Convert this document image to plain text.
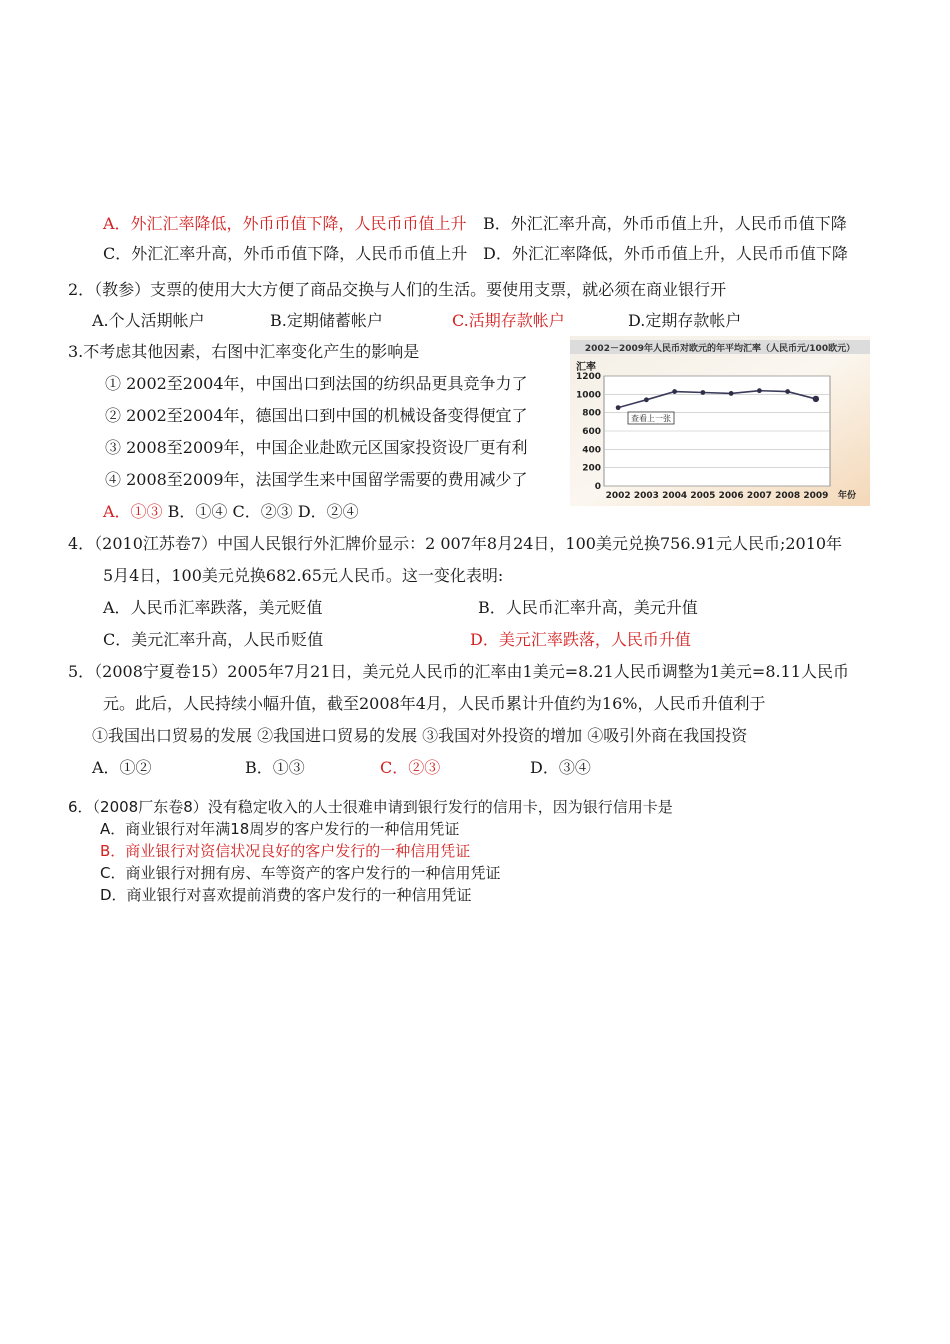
A．外汇汇率降低，外币币值下降，人民币币值上升 B．外汇汇率升高，外币币值上升，人民币币值下降
C．外汇汇率升高，外币币值下降，人民币币值上升 D．外汇汇率降低，外币币值上升，人民币币值下降
2．（教参）支票的使用大大方便了商品交换与人们的生活。要使用支票，就必须在商业银行开
A.个人活期帐户	B.定期储蓄帐户	C.活期存款帐户	D.定期存款帐户
3.不考虑其他因素，右图中汇率变化产生的影响是
① 2002至2004年，中国出口到法国的纺织品更具竞争力了
② 2002至2004年，德国出口到中国的机械设备变得便宜了
③ 2008至2009年，中国企业赴欧元区国家投资设厂更有利
④ 2008至2009年，法国学生来中国留学需要的费用减少了
A．①③ B．①④ C．②③ D．②④
2002－2009年人民币对欧元的年平均汇率（人民币元/100欧元）
汇率
年份
0
200
400
600
800
1000
1200
2002 2003 2004 2005 2006 2007 2008 2009
查看上一张
4．（2010江苏卷7）中国人民银行外汇牌价显示：2 007年8月24日，100美元兑换756.91元人民币;2010年
5月4日，100美元兑换682.65元人民币。这一变化表明:
A．人民币汇率跌落，美元贬值	B．人民币汇率升高，美元升值
C．美元汇率升高，人民币贬值	D．美元汇率跌落，人民币升值
5．（2008宁夏卷15）2005年7月21日，美元兑人民币的汇率由1美元=8.21人民币调整为1美元=8.11人民币
元。此后，人民持续小幅升值，截至2008年4月，人民币累计升值约为16%，人民币升值利于
①我国出口贸易的发展 ②我国进口贸易的发展 ③我国对外投资的增加 ④吸引外商在我国投资
A．①②	B．①③	C．②③	D．③④
6．（2008厂东卷8）没有稳定收入的人士很难申请到银行发行的信用卡，因为银行信用卡是
A．商业银行对年满18周岁的客户发行的一种信用凭证
B．商业银行对资信状况良好的客户发行的一种信用凭证
C．商业银行对拥有房、车等资产的客户发行的一种信用凭证
D．商业银行对喜欢提前消费的客户发行的一种信用凭证
